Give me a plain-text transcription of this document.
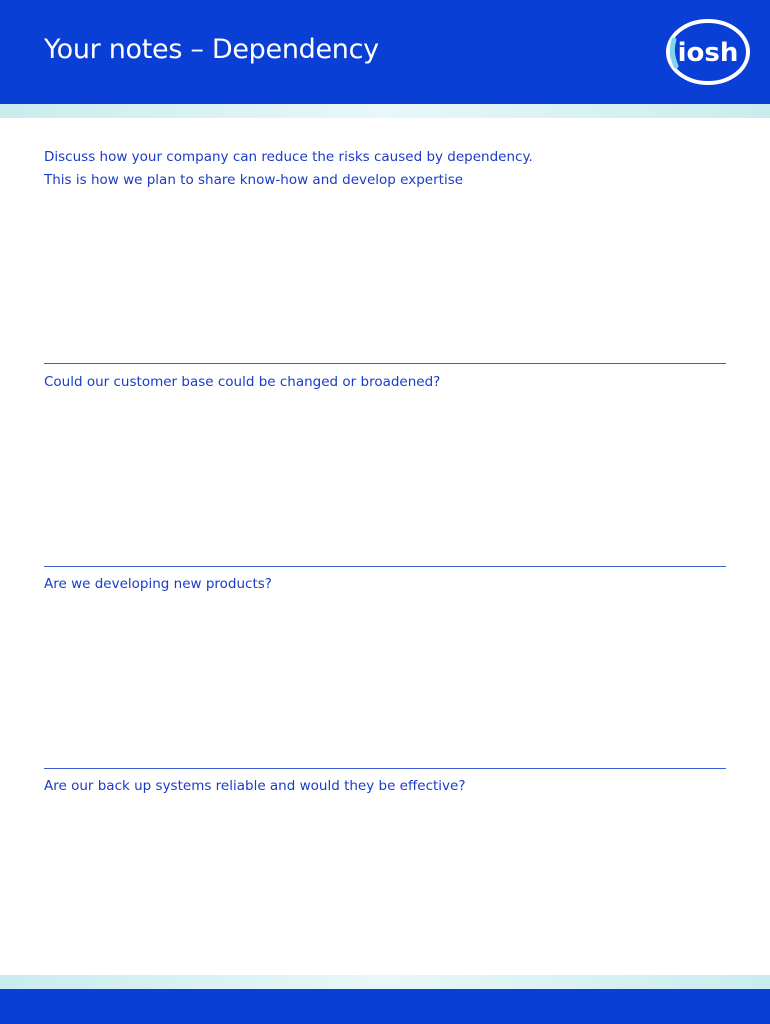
Your notes – Dependency	iosh
Discuss how your company can reduce the risks caused by dependency.
This is how we plan to share know-how and develop expertise
Could our customer base could be changed or broadened?
Are we developing new products?
Are our back up systems reliable and would they be effective?
